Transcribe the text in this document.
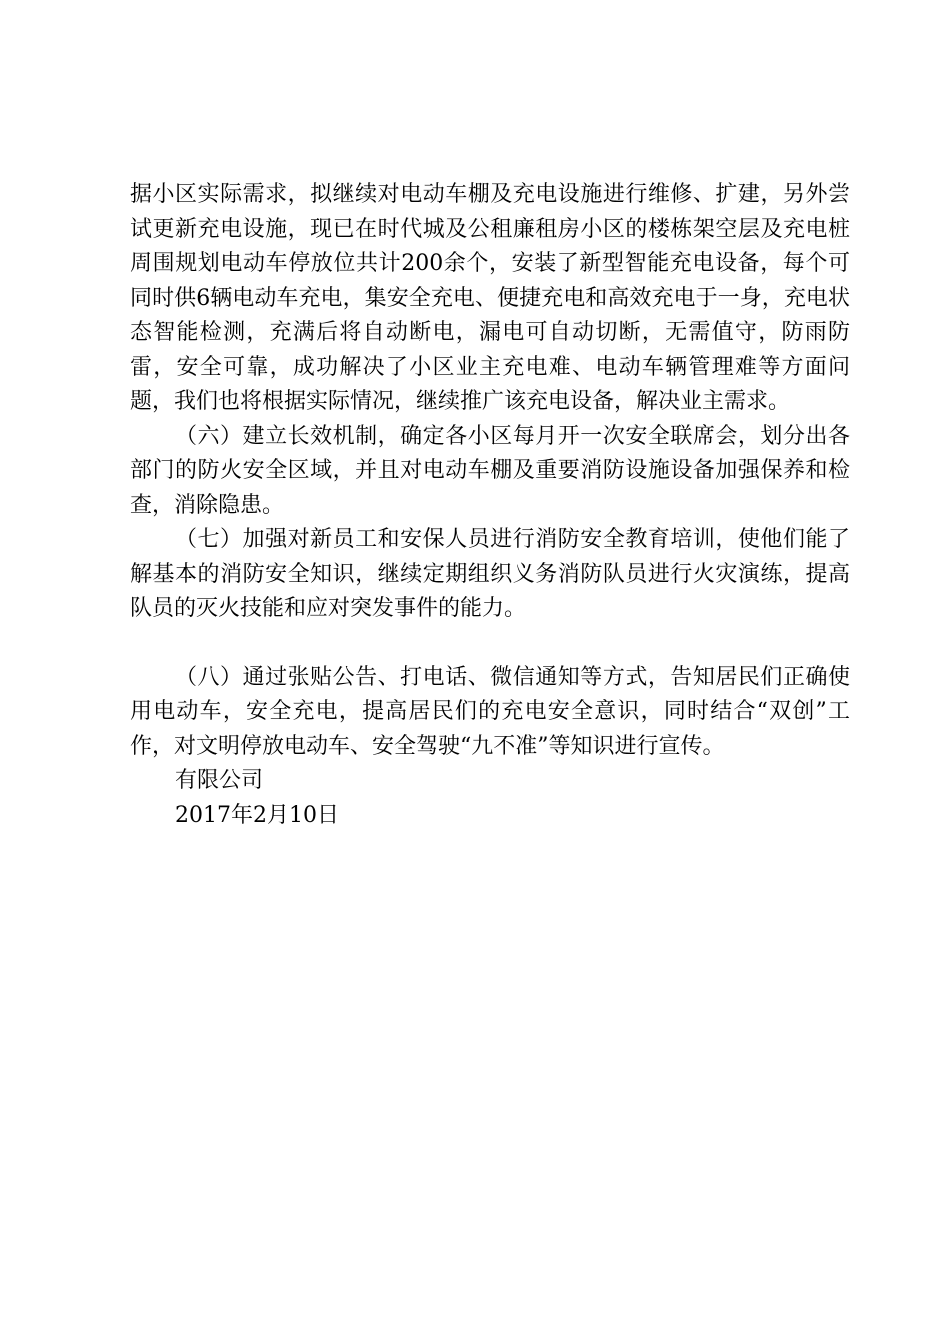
据小区实际需求，拟继续对电动车棚及充电设施进行维修、扩建，另外尝试更新充电设施，现已在时代城及公租廉租房小区的楼栋架空层及充电桩周围规划电动车停放位共计200余个，安装了新型智能充电设备，每个可同时供6辆电动车充电，集安全充电、便捷充电和高效充电于一身，充电状态智能检测，充满后将自动断电，漏电可自动切断，无需值守，防雨防雷，安全可靠，成功解决了小区业主充电难、电动车辆管理难等方面问题，我们也将根据实际情况，继续推广该充电设备，解决业主需求。

（六）建立长效机制，确定各小区每月开一次安全联席会，划分出各部门的防火安全区域，并且对电动车棚及重要消防设施设备加强保养和检查，消除隐患。

（七）加强对新员工和安保人员进行消防安全教育培训，使他们能了解基本的消防安全知识，继续定期组织义务消防队员进行火灾演练，提高队员的灭火技能和应对突发事件的能力。

（八）通过张贴公告、打电话、微信通知等方式，告知居民们正确使用电动车，安全充电，提高居民们的充电安全意识，同时结合“双创”工作，对文明停放电动车、安全驾驶“九不准”等知识进行宣传。

有限公司
2017年2月10日
